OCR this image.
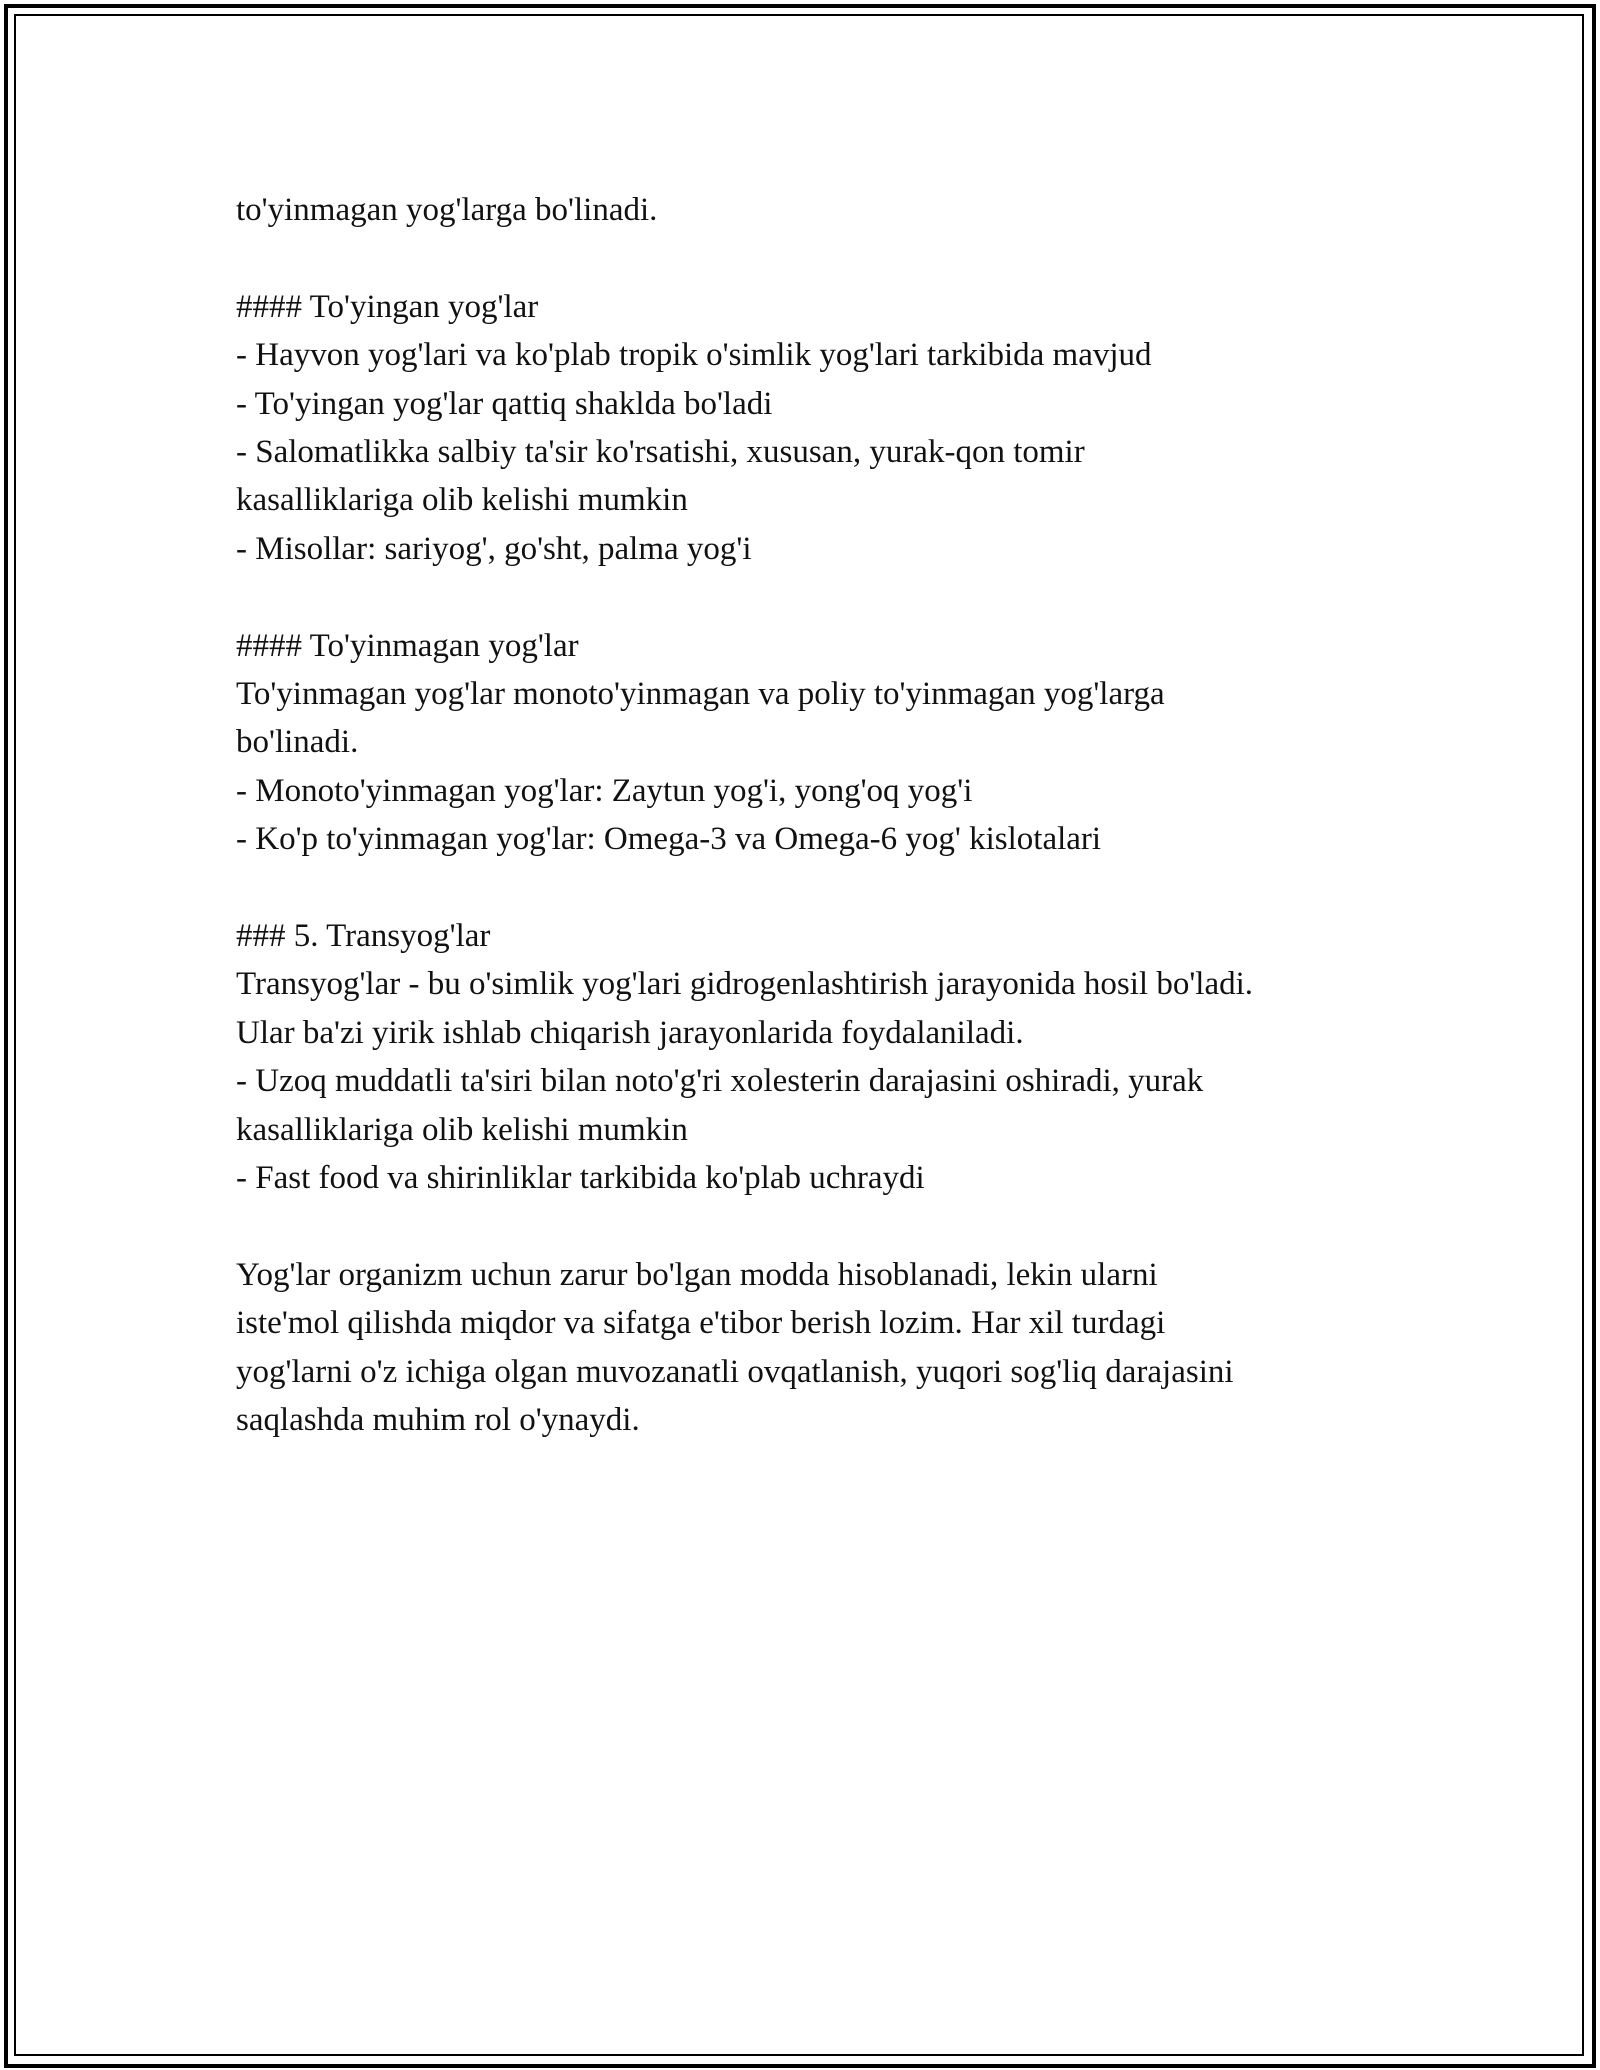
to'yinmagan yog'larga bo'linadi.
#### To'yingan yog'lar
- Hayvon yog'lari va ko'plab tropik o'simlik yog'lari tarkibida mavjud
- To'yingan yog'lar qattiq shaklda bo'ladi
- Salomatlikka salbiy ta'sir ko'rsatishi, xususan, yurak-qon tomir
kasalliklariga olib kelishi mumkin
- Misollar: sariyog', go'sht, palma yog'i
#### To'yinmagan yog'lar
To'yinmagan yog'lar monoto'yinmagan va poliy to'yinmagan yog'larga
bo'linadi.
- Monoto'yinmagan yog'lar: Zaytun yog'i, yong'oq yog'i
- Ko'p to'yinmagan yog'lar: Omega-3 va Omega-6 yog' kislotalari
### 5. Transyog'lar
Transyog'lar - bu o'simlik yog'lari gidrogenlashtirish jarayonida hosil bo'ladi.
Ular ba'zi yirik ishlab chiqarish jarayonlarida foydalaniladi.
- Uzoq muddatli ta'siri bilan noto'g'ri xolesterin darajasini oshiradi, yurak
kasalliklariga olib kelishi mumkin
- Fast food va shirinliklar tarkibida ko'plab uchraydi
Yog'lar organizm uchun zarur bo'lgan modda hisoblanadi, lekin ularni
iste'mol qilishda miqdor va sifatga e'tibor berish lozim. Har xil turdagi
yog'larni o'z ichiga olgan muvozanatli ovqatlanish, yuqori sog'liq darajasini
saqlashda muhim rol o'ynaydi.
